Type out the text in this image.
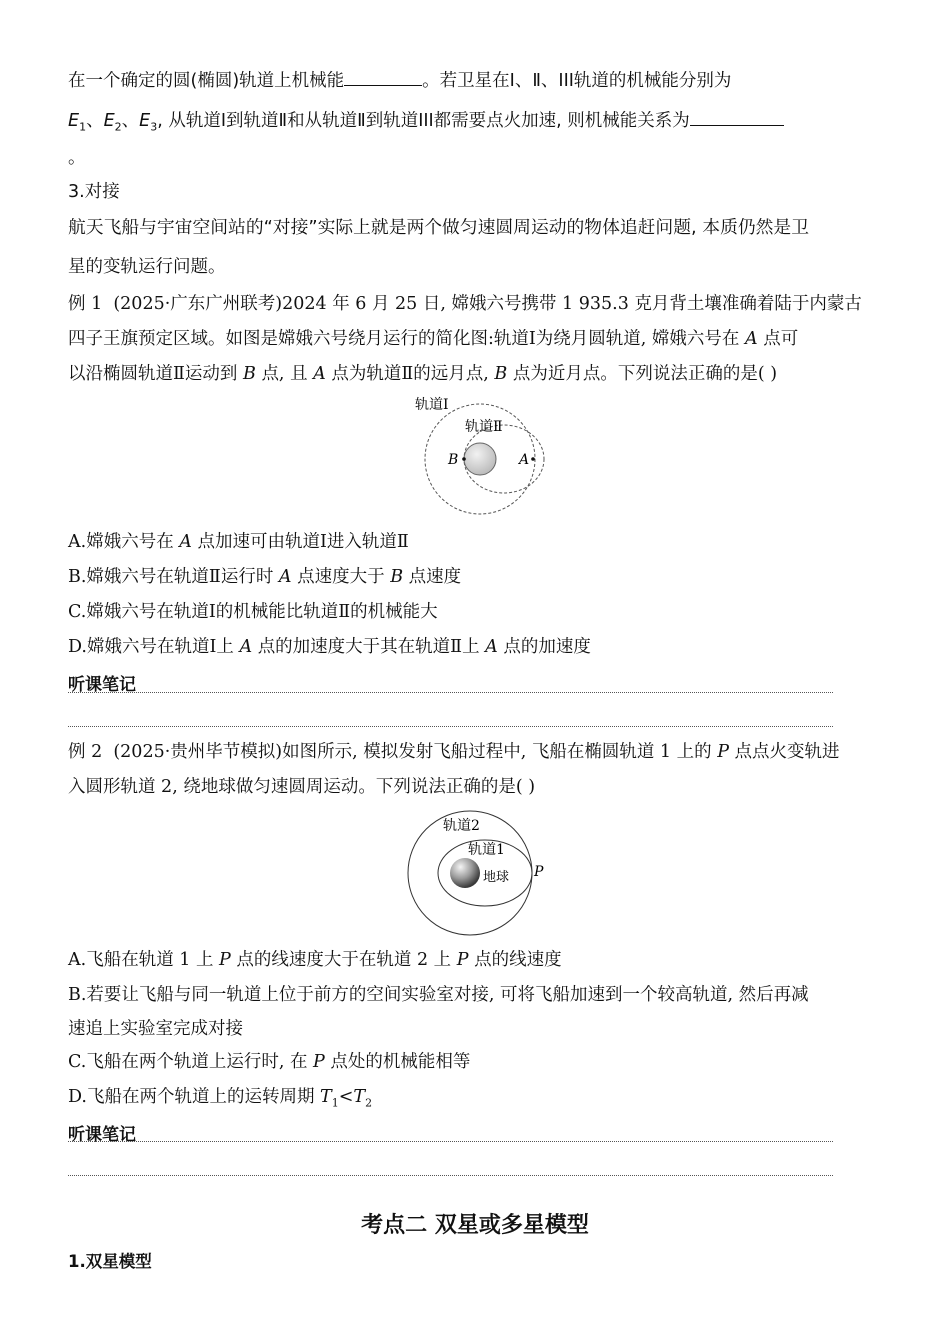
在一个确定的圆(椭圆)轨道上机械能	。若卫星在Ⅰ、Ⅱ、III轨道的机械能分别为
$E_1$、$E_2$、$E_3$, 从轨道Ⅰ到轨道Ⅱ和从轨道Ⅱ到轨道III都需要点火加速, 则机械能关系为
。
3.对接
航天飞船与宇宙空间站的“对接”实际上就是两个做匀速圆周运动的物体追赶问题, 本质仍然是卫
星的变轨运行问题。
例 1 (2025·广东广州联考)2024 年 6 月 25 日, 嫦娥六号携带 1 935.3 克月背土壤准确着陆于内蒙古
四子王旗预定区域。如图是嫦娥六号绕月运行的简化图:轨道Ⅰ为绕月圆轨道, 嫦娥六号在 A 点可
以沿椭圆轨道Ⅱ运动到 B 点, 且 A 点为轨道Ⅱ的远月点, B 点为近月点。下列说法正确的是( )
轨道Ⅰ
轨道Ⅱ
B	A
A.嫦娥六号在 A 点加速可由轨道Ⅰ进入轨道Ⅱ
B.嫦娥六号在轨道Ⅱ运行时 A 点速度大于 B 点速度
C.嫦娥六号在轨道Ⅰ的机械能比轨道Ⅱ的机械能大
D.嫦娥六号在轨道Ⅰ上 A 点的加速度大于其在轨道Ⅱ上 A 点的加速度
听课笔记
例 2 (2025·贵州毕节模拟)如图所示, 模拟发射飞船过程中, 飞船在椭圆轨道 1 上的 P 点点火变轨进
入圆形轨道 2, 绕地球做匀速圆周运动。下列说法正确的是( )
轨道2
轨道1
地球 P
A.飞船在轨道 1 上 P 点的线速度大于在轨道 2 上 P 点的线速度
B.若要让飞船与同一轨道上位于前方的空间实验室对接, 可将飞船加速到一个较高轨道, 然后再减
速追上实验室完成对接
C.飞船在两个轨道上运行时, 在 P 点处的机械能相等
D.飞船在两个轨道上的运转周期 $T_1<T_2$
听课笔记
考点二 双星或多星模型
1.双星模型
